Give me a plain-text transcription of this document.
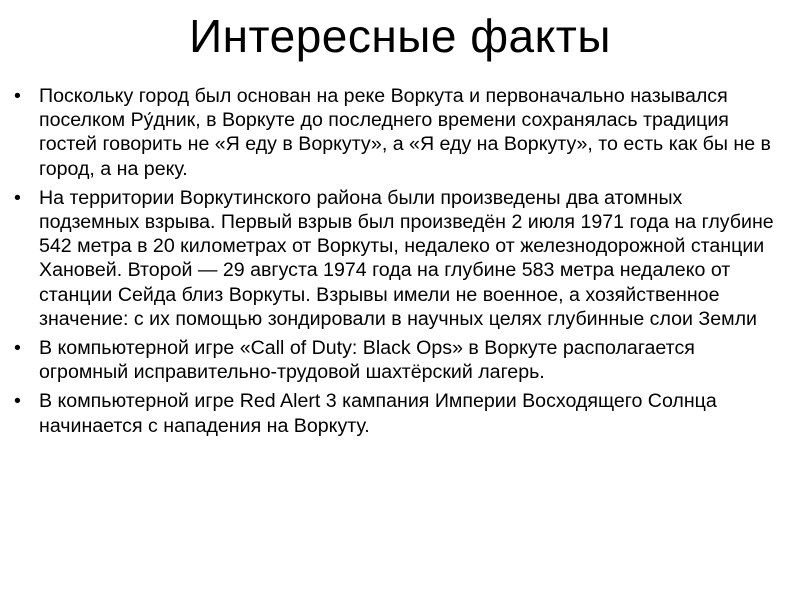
Интересные факты
• Поскольку город был основан на реке Воркута и первоначально назывался поселком Ру́дник, в Воркуте до последнего времени сохранялась традиция гостей говорить не «Я еду в Воркуту», а «Я еду на Воркуту», то есть как бы не в город, а на реку.
• На территории Воркутинского района были произведены два атомных подземных взрыва. Первый взрыв был произведён 2 июля 1971 года на глубине 542 метра в 20 километрах от Воркуты, недалеко от железнодорожной станции Хановей. Второй — 29 августа 1974 года на глубине 583 метра недалеко от станции Сейда близ Воркуты. Взрывы имели не военное, а хозяйственное значение: с их помощью зондировали в научных целях глубинные слои Земли
• В компьютерной игре «Call of Duty: Black Ops» в Воркуте располагается огромный исправительно-трудовой шахтёрский лагерь.
• В компьютерной игре Red Alert 3 кампания Империи Восходящего Солнца начинается с нападения на Воркуту.
